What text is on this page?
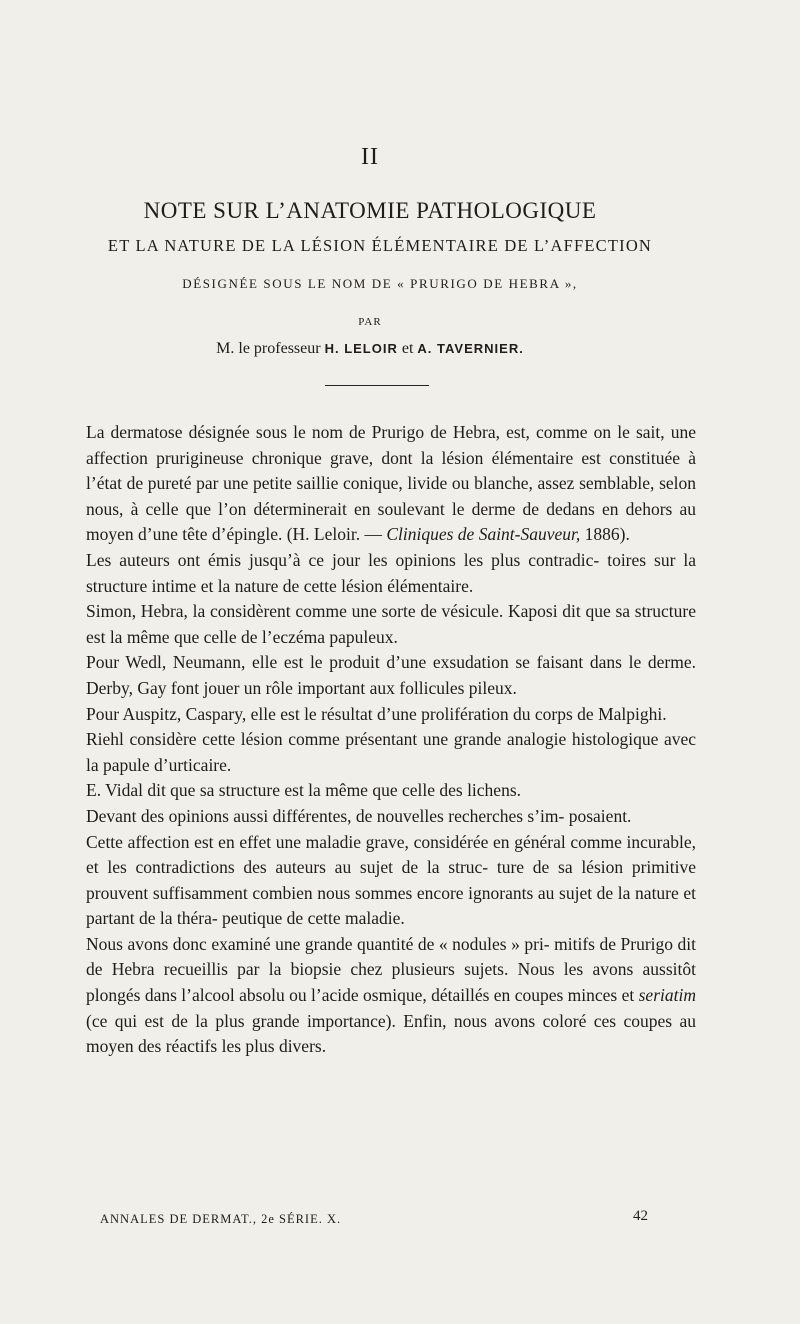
II
NOTE SUR L’ANATOMIE PATHOLOGIQUE
ET LA NATURE DE LA LÉSION ÉLÉMENTAIRE DE L’AFFECTION
DÉSIGNÉE SOUS LE NOM DE « PRURIGO DE HEBRA »,
PAR
M. le professeur H. LELOIR et A. TAVERNIER.

La dermatose désignée sous le nom de Prurigo de Hebra, est, comme on le sait, une affection prurigineuse chronique grave, dont la lésion élémentaire est constituée à l’état de pureté par une petite saillie conique, livide ou blanche, assez semblable, selon nous, à celle que l’on déterminerait en soulevant le derme de dedans en dehors au moyen d’une tête d’épingle. (H. Leloir. — Cliniques de Saint-Sauveur, 1886).

Les auteurs ont émis jusqu’à ce jour les opinions les plus contradic- toires sur la structure intime et la nature de cette lésion élémentaire.

Simon, Hebra, la considèrent comme une sorte de vésicule. Kaposi dit que sa structure est la même que celle de l’eczéma papuleux.

Pour Wedl, Neumann, elle est le produit d’une exsudation se faisant dans le derme. Derby, Gay font jouer un rôle important aux follicules pileux.

Pour Auspitz, Caspary, elle est le résultat d’une prolifération du corps de Malpighi.

Riehl considère cette lésion comme présentant une grande analogie histologique avec la papule d’urticaire.

E. Vidal dit que sa structure est la même que celle des lichens.

Devant des opinions aussi différentes, de nouvelles recherches s’im- posaient.

Cette affection est en effet une maladie grave, considérée en général comme incurable, et les contradictions des auteurs au sujet de la struc- ture de sa lésion primitive prouvent suffisamment combien nous sommes encore ignorants au sujet de la nature et partant de la théra- peutique de cette maladie.

Nous avons donc examiné une grande quantité de « nodules » pri- mitifs de Prurigo dit de Hebra recueillis par la biopsie chez plusieurs sujets. Nous les avons aussitôt plongés dans l’alcool absolu ou l’acide osmique, détaillés en coupes minces et seriatim (ce qui est de la plus grande importance). Enfin, nous avons coloré ces coupes au moyen des réactifs les plus divers.

ANNALES DE DERMAT., 2e SÉRIE. X.	42
